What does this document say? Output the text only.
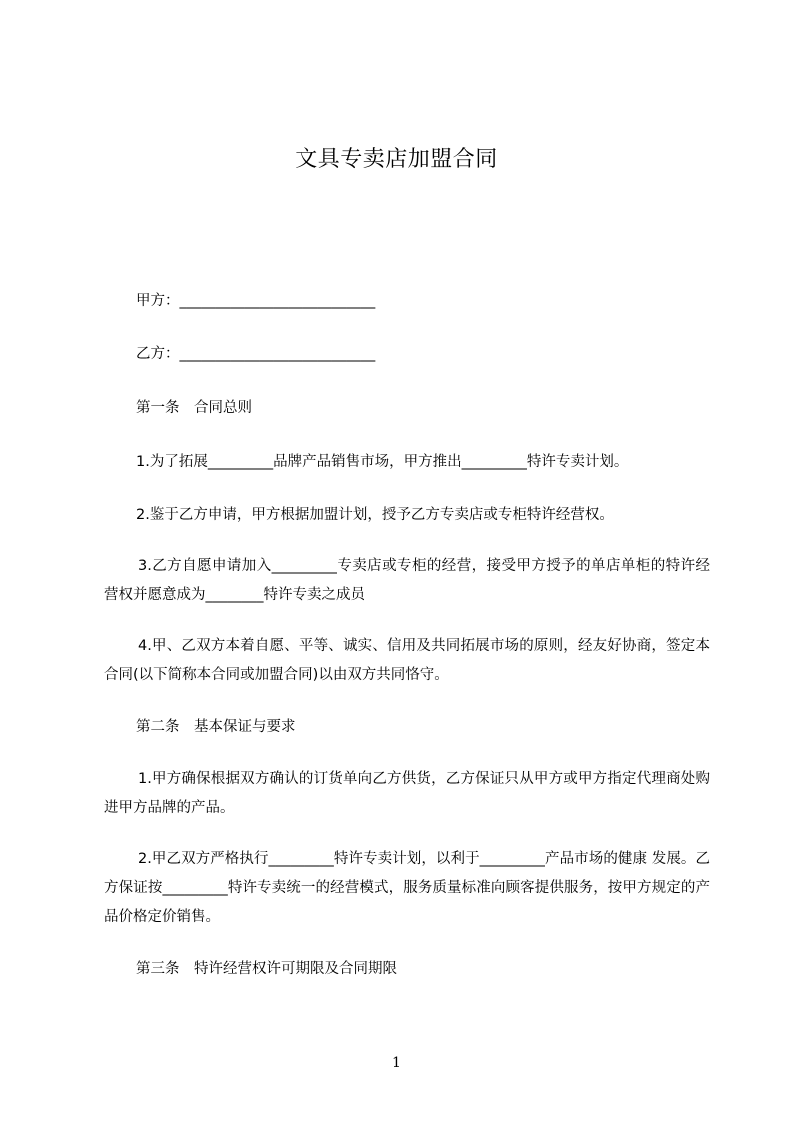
文具专卖店加盟合同
甲方：___________________________
乙方：___________________________
第一条　合同总则
1.为了拓展_________品牌产品销售市场，甲方推出_________特许专卖计划。
2.鉴于乙方申请，甲方根据加盟计划，授予乙方专卖店或专柜特许经营权。
3.乙方自愿申请加入_________专卖店或专柜的经营，接受甲方授予的单店单柜的特许经营权并愿意成为________特许专卖之成员
4.甲、乙双方本着自愿、平等、诚实、信用及共同拓展市场的原则，经友好协商，签定本合同(以下简称本合同或加盟合同)以由双方共同恪守。
第二条　基本保证与要求
1.甲方确保根据双方确认的订货单向乙方供货，乙方保证只从甲方或甲方指定代理商处购进甲方品牌的产品。
2.甲乙双方严格执行_________特许专卖计划，以利于_________产品市场的健康 发展。乙方保证按_________特许专卖统一的经营模式，服务质量标准向顾客提供服务，按甲方规定的产品价格定价销售。
第三条　特许经营权许可期限及合同期限
1
